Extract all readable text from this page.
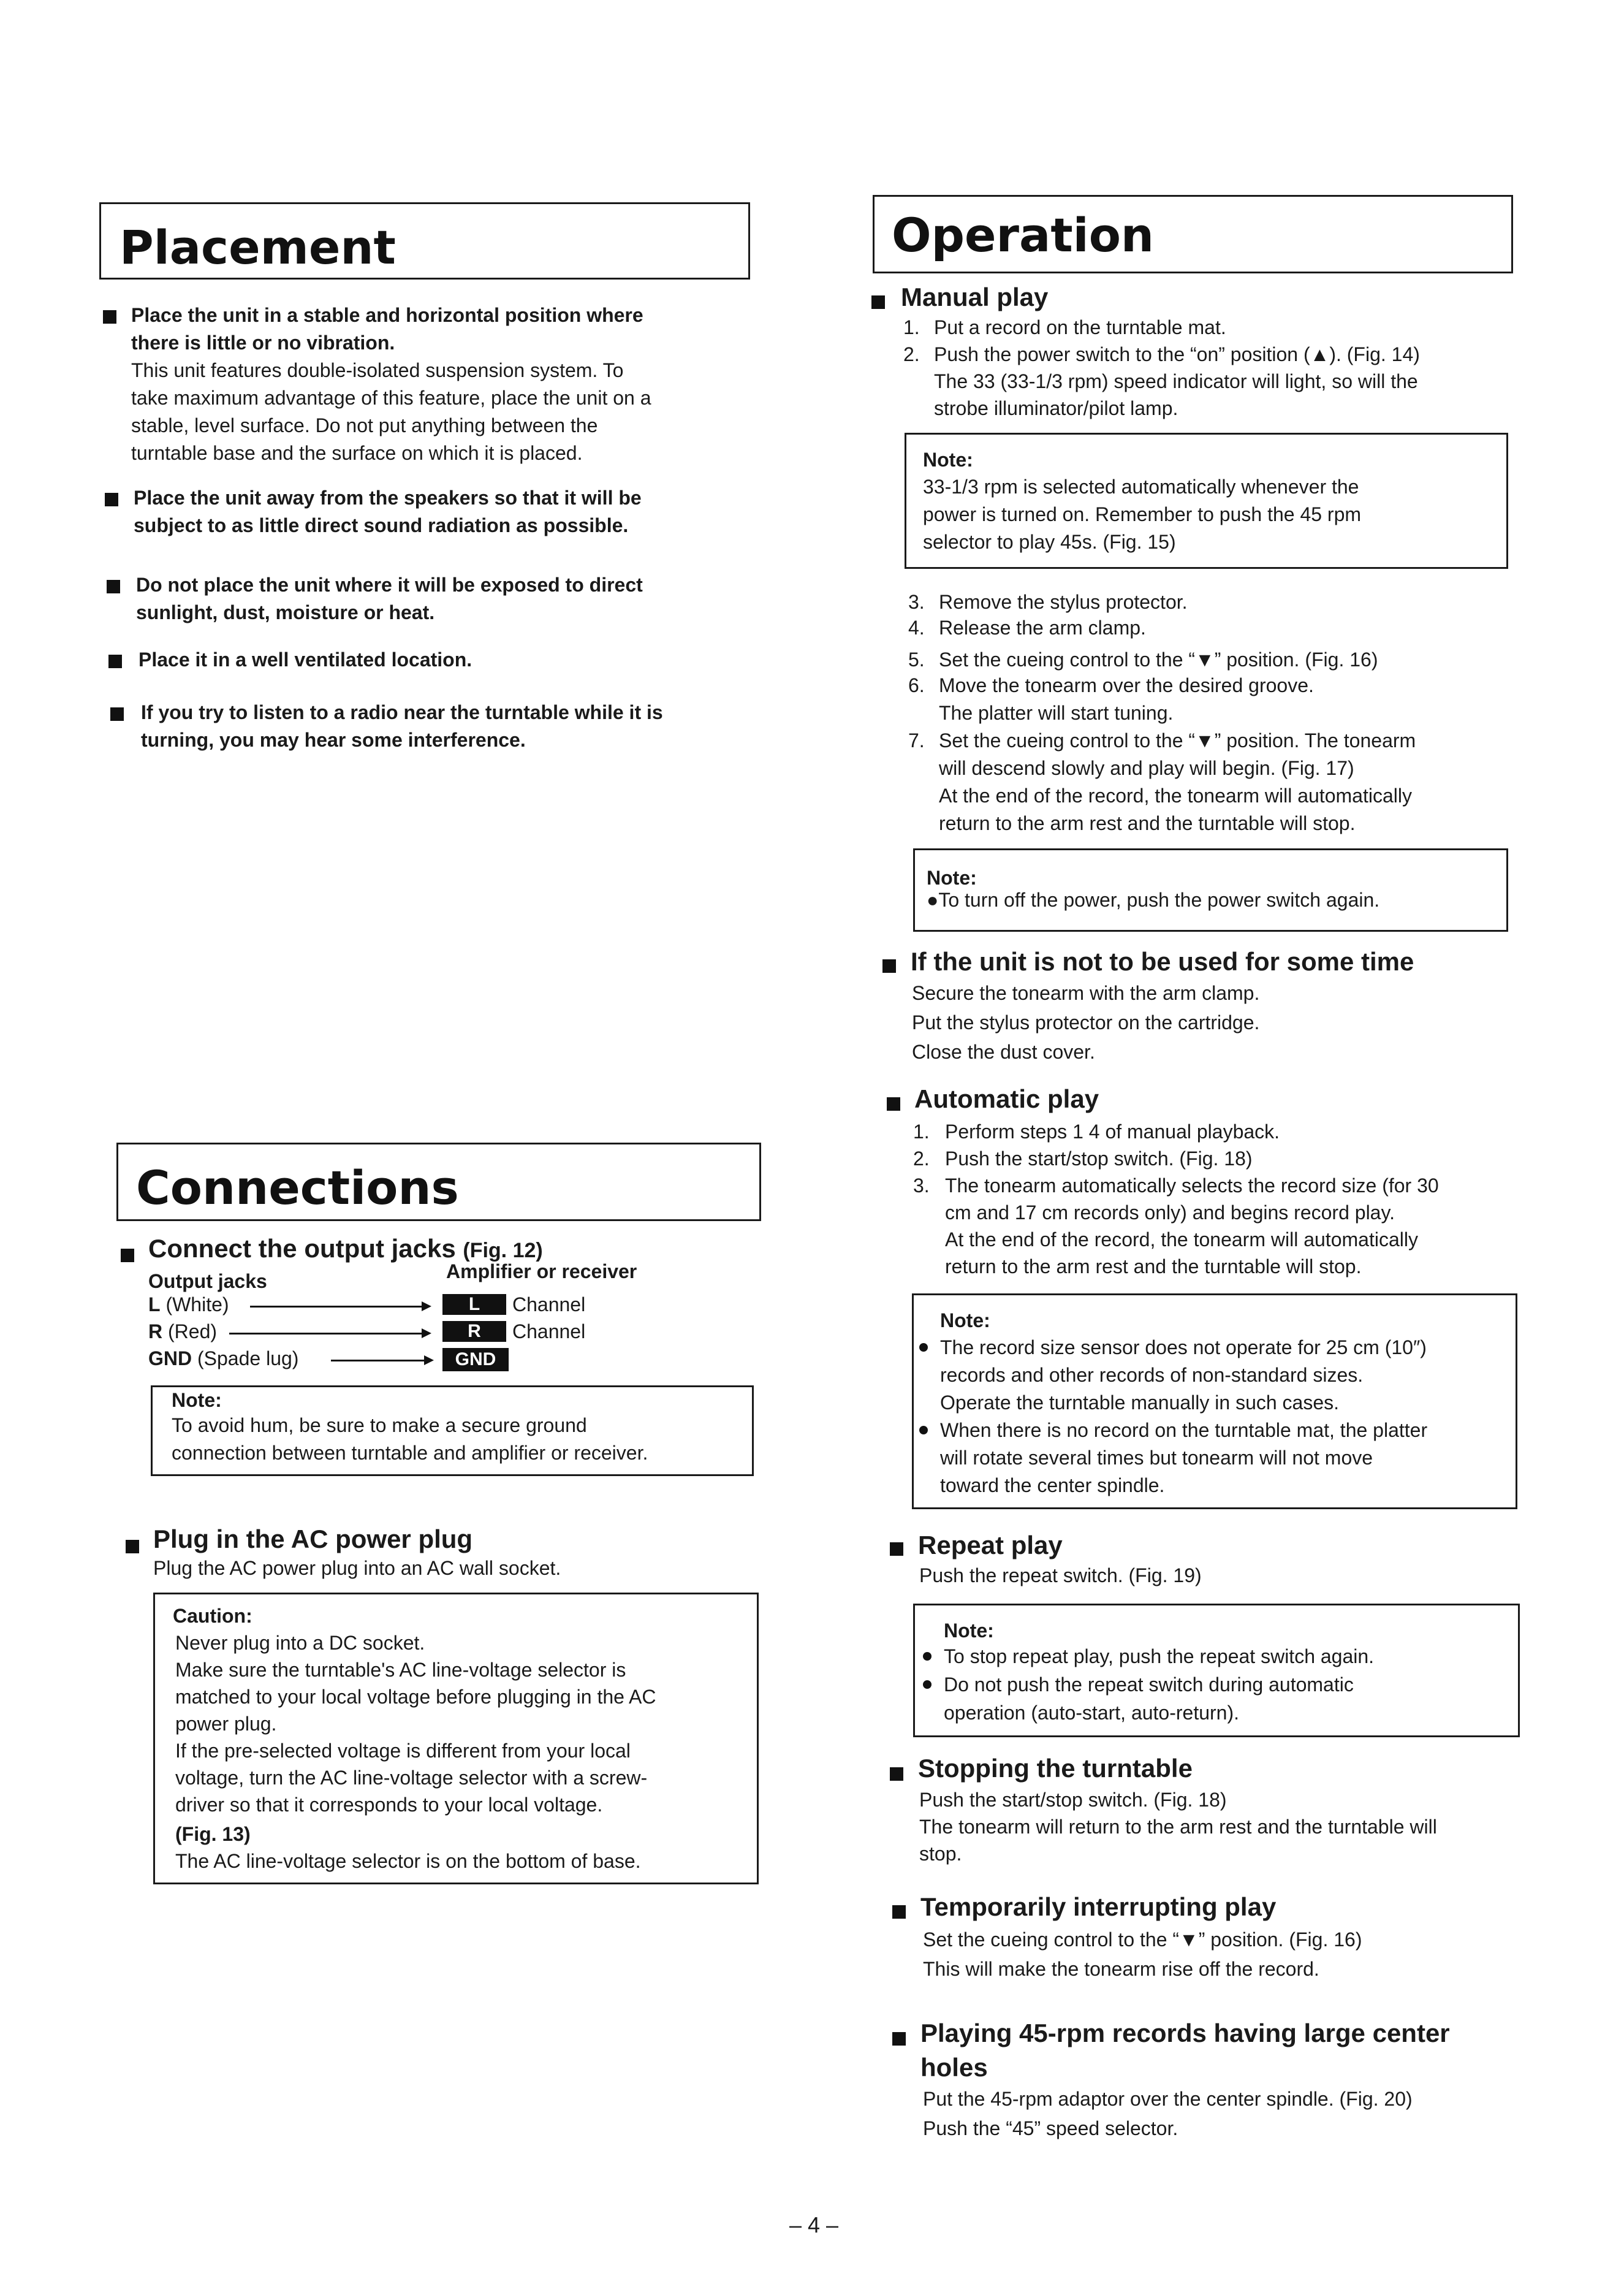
Placement
Place the unit in a stable and horizontal position where
there is little or no vibration.
This unit features double-isolated suspension system. To
take maximum advantage of this feature, place the unit on a
stable, level surface. Do not put anything between the
turntable base and the surface on which it is placed.
Place the unit away from the speakers so that it will be
subject to as little direct sound radiation as possible.
Do not place the unit where it will be exposed to direct
sunlight, dust, moisture or heat.
Place it in a well ventilated location.
If you try to listen to a radio near the turntable while it is
turning, you may hear some interference.
Connections
Connect the output jacks (Fig. 12)
Output jacks	Amplifier or receiver
L (White)	L	Channel
R (Red)	R	Channel
GND (Spade lug)	GND
Note:
To avoid hum, be sure to make a secure ground
connection between turntable and amplifier or receiver.
Plug in the AC power plug
Plug the AC power plug into an AC wall socket.
Caution:
Never plug into a DC socket.
Make sure the turntable's AC line-voltage selector is
matched to your local voltage before plugging in the AC
power plug.
If the pre-selected voltage is different from your local
voltage, turn the AC line-voltage selector with a screw-
driver so that it corresponds to your local voltage.
(Fig. 13)
The AC line-voltage selector is on the bottom of base.
Operation
Manual play
1. Put a record on the turntable mat.
2. Push the power switch to the “on” position (▲). (Fig. 14)
The 33 (33-1/3 rpm) speed indicator will light, so will the
strobe illuminator/pilot lamp.
Note:
33-1/3 rpm is selected automatically whenever the
power is turned on. Remember to push the 45 rpm
selector to play 45s. (Fig. 15)
3. Remove the stylus protector.
4. Release the arm clamp.
5. Set the cueing control to the “▼” position. (Fig. 16)
6. Move the tonearm over the desired groove.
The platter will start tuning.
7. Set the cueing control to the “▼” position. The tonearm
will descend slowly and play will begin. (Fig. 17)
At the end of the record, the tonearm will automatically
return to the arm rest and the turntable will stop.
Note:
●To turn off the power, push the power switch again.
If the unit is not to be used for some time
Secure the tonearm with the arm clamp.
Put the stylus protector on the cartridge.
Close the dust cover.
Automatic play
1. Perform steps 1 4 of manual playback.
2. Push the start/stop switch. (Fig. 18)
3. The tonearm automatically selects the record size (for 30
cm and 17 cm records only) and begins record play.
At the end of the record, the tonearm will automatically
return to the arm rest and the turntable will stop.
Note:
The record size sensor does not operate for 25 cm (10″)
records and other records of non-standard sizes.
Operate the turntable manually in such cases.
When there is no record on the turntable mat, the platter
will rotate several times but tonearm will not move
toward the center spindle.
Repeat play
Push the repeat switch. (Fig. 19)
Note:
To stop repeat play, push the repeat switch again.
Do not push the repeat switch during automatic
operation (auto-start, auto-return).
Stopping the turntable
Push the start/stop switch. (Fig. 18)
The tonearm will return to the arm rest and the turntable will
stop.
Temporarily interrupting play
Set the cueing control to the “▼” position. (Fig. 16)
This will make the tonearm rise off the record.
Playing 45-rpm records having large center
holes
Put the 45-rpm adaptor over the center spindle. (Fig. 20)
Push the “45” speed selector.
– 4 –
